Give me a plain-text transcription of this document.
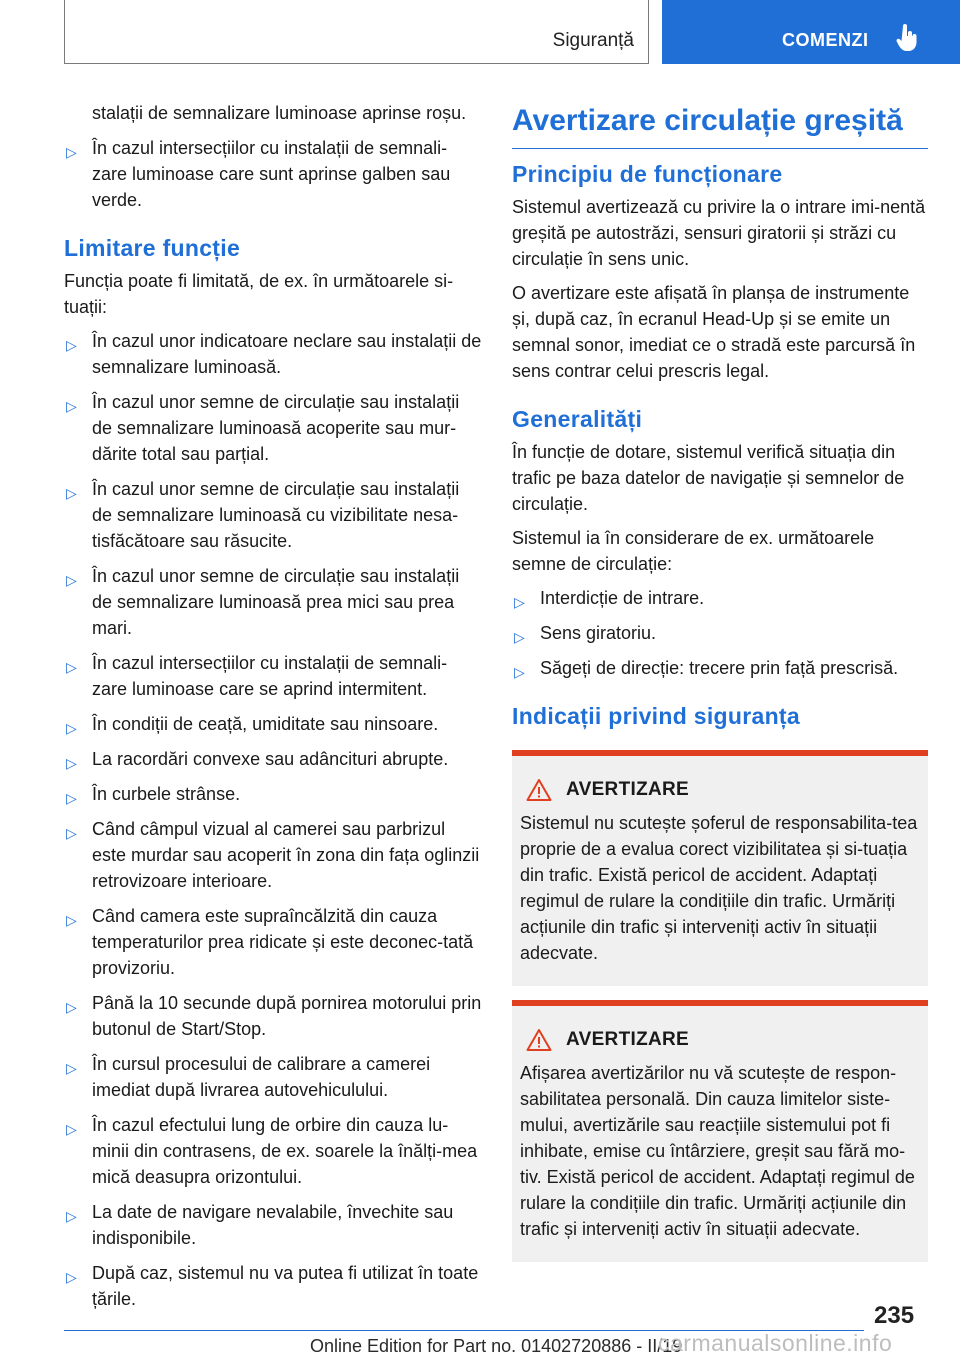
Siguranță	COMENZI
stalații de semnalizare luminoase aprinse roșu.
▷ În cazul intersecțiilor cu instalații de semnali‐zare luminoase care sunt aprinse galben sau verde.
Limitare funcție

Funcția poate fi limitată, de ex. în următoarele si‐tuații:

▷ În cazul unor indicatoare neclare sau instalații de semnalizare luminoasă.
▷ În cazul unor semne de circulație sau instalații de semnalizare luminoasă acoperite sau mur‐dărite total sau parțial.
▷ În cazul unor semne de circulație sau instalații de semnalizare luminoasă cu vizibilitate nesa‐tisfăcătoare sau răsucite.
▷ În cazul unor semne de circulație sau instalații de semnalizare luminoasă prea mici sau prea mari.
▷ În cazul intersecțiilor cu instalații de semnali‐zare luminoase care se aprind intermitent.
▷ În condiții de ceață, umiditate sau ninsoare.
▷ La racordări convexe sau adâncituri abrupte.
▷ În curbele strânse.
▷ Când câmpul vizual al camerei sau parbrizul este murdar sau acoperit în zona din fața oglinzii retrovizoare interioare.
▷ Când camera este supraîncălzită din cauza temperaturilor prea ridicate și este deconec‐tată provizoriu.
▷ Până la 10 secunde după pornirea motorului prin butonul de Start/Stop.
▷ În cursul procesului de calibrare a camerei imediat după livrarea autovehiculului.
▷ În cazul efectului lung de orbire din cauza lu‐minii din contrasens, de ex. soarele la înălți‐mea mică deasupra orizontului.
▷ La date de navigare nevalabile, învechite sau indisponibile.
▷ După caz, sistemul nu va putea fi utilizat în toate țările.
Avertizare circulație greșită
Principiu de funcționare

Sistemul avertizează cu privire la o intrare imi‐nentă greșită pe autostrăzi, sensuri giratorii și străzi cu circulație în sens unic.

O avertizare este afișată în planșa de instrumente și, după caz, în ecranul Head-Up și se emite un semnal sonor, imediat ce o stradă este parcursă în sens contrar celui prescris legal.

Generalități

În funcție de dotare, sistemul verifică situația din trafic pe baza datelor de navigație și semnelor de circulație.

Sistemul ia în considerare de ex. următoarele semne de circulație:

▷ Interdicție de intrare.
▷ Sens giratoriu.
▷ Săgeți de direcție: trecere prin față prescrisă.
Indicații privind siguranța
AVERTIZARE
Sistemul nu scutește șoferul de responsabilita‐tea proprie de a evalua corect vizibilitatea și si‐tuația din trafic. Există pericol de accident. Adaptați regimul de rulare la condițiile din trafic. Urmăriți acțiunile din trafic și interveniți activ în situații adecvate.
AVERTIZARE
Afișarea avertizărilor nu vă scutește de respon‐sabilitatea personală. Din cauza limitelor siste‐mului, avertizările sau reacțiile sistemului pot fi inhibate, emise cu întârziere, greșit sau fără mo‐tiv. Există pericol de accident. Adaptați regimul de rulare la condițiile din trafic. Urmăriți acțiunile din trafic și interveniți activ în situații adecvate.
235
Online Edition for Part no. 01402720886 - II/19
carmanualsonline.info
